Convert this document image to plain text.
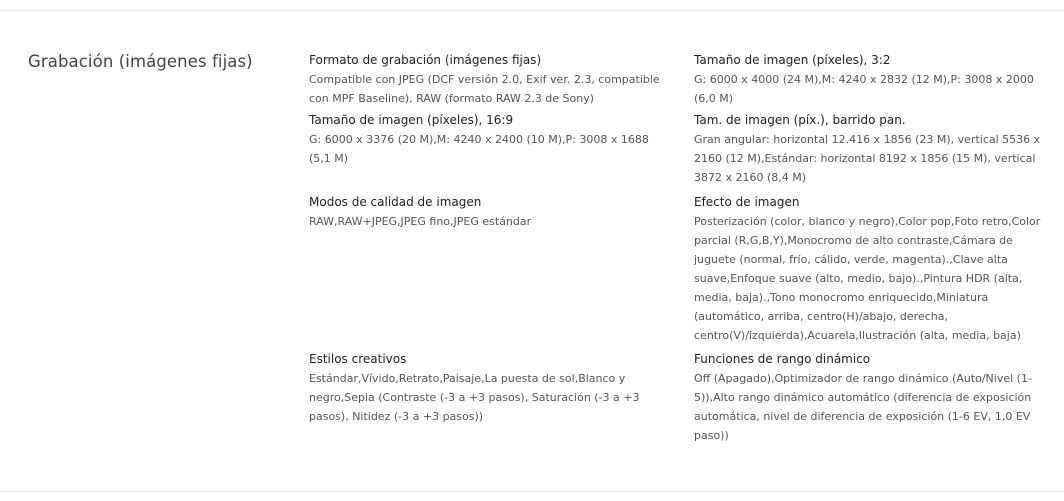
Grabación (imágenes fijas)	Formato de grabación (imágenes fijas)
Compatible con JPEG (DCF versión 2.0, Exif ver. 2.3, compatible con MPF Baseline), RAW (formato RAW 2.3 de Sony)
Tamaño de imagen (píxeles), 3:2
G: 6000 x 4000 (24 M),M: 4240 x 2832 (12 M),P: 3008 x 2000 (6,0 M)
Tamaño de imagen (píxeles), 16:9
G: 6000 x 3376 (20 M),M: 4240 x 2400 (10 M),P: 3008 x 1688 (5,1 M)
Tam. de imagen (píx.), barrido pan.
Gran angular: horizontal 12.416 x 1856 (23 M), vertical 5536 x 2160 (12 M),Estándar: horizontal 8192 x 1856 (15 M), vertical 3872 x 2160 (8,4 M)
Modos de calidad de imagen
RAW,RAW+JPEG,JPEG fino,JPEG estándar
Efecto de imagen
Posterización (color, blanco y negro),Color pop,Foto retro,Color parcial (R,G,B,Y),Monocromo de alto contraste,Cámara de juguete (normal, frío, cálido, verde, magenta).,Clave alta suave,Enfoque suave (alto, medio, bajo).,Pintura HDR (alta, media, baja).,Tono monocromo enriquecido,Miniatura (automático, arriba, centro(H)/abajo, derecha, centro(V)/izquierda),Acuarela,Ilustración (alta, media, baja)
Estilos creativos
Estándar,Vívido,Retrato,Paisaje,La puesta de sol,Blanco y negro,Sepia (Contraste (-3 a +3 pasos), Saturación (-3 a +3 pasos), Nitidez (-3 a +3 pasos))
Funciones de rango dinámico
Off (Apagado),Optimizador de rango dinámico (Auto/Nivel (1-5)),Alto rango dinámico automático (diferencia de exposición automática, nivel de diferencia de exposición (1-6 EV, 1,0 EV paso))
